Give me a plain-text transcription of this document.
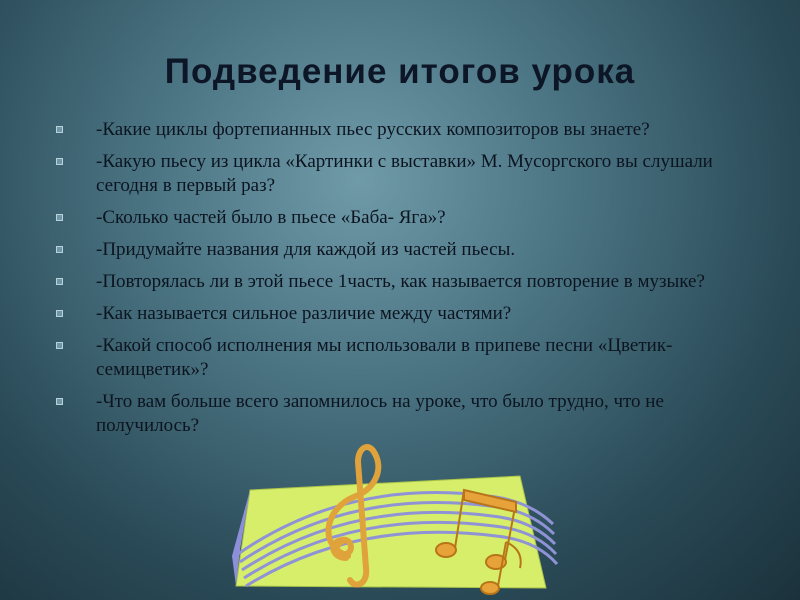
Подведение итогов урока
-Какие циклы фортепианных пьес русских композиторов вы знаете?
-Какую пьесу из цикла «Картинки с выставки» М. Мусоргского вы слушали сегодня в первый раз?
-Сколько частей было в пьесе «Баба- Яга»?
-Придумайте названия для каждой из частей пьесы.
-Повторялась ли в этой пьесе 1часть, как называется повторение в музыке?
-Как называется сильное различие между частями?
-Какой способ исполнения мы использовали в припеве песни «Цветик- семицветик»?
-Что вам больше всего запомнилось на уроке, что было трудно, что не получилось?
